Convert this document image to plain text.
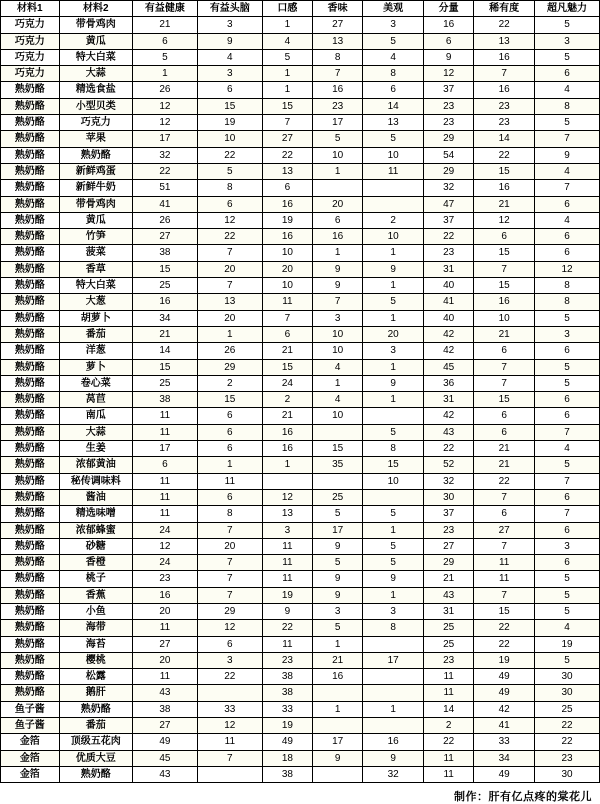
材料1	材料2	有益健康	有益头脑	口感	香味	美观	分量	稀有度	超凡魅力
巧克力	带骨鸡肉	21	3	1	27	3	16	22	5
巧克力	黄瓜	6	9	4	13	5	6	13	3
巧克力	特大白菜	5	4	5	8	4	9	16	5
巧克力	大蒜	1	3	1	7	8	12	7	6
熟奶酪	精选食盐	26	6	1	16	6	37	16	4
熟奶酪	小型贝类	12	15	15	23	14	23	23	8
熟奶酪	巧克力	12	19	7	17	13	23	23	5
熟奶酪	苹果	17	10	27	5	5	29	14	7
熟奶酪	熟奶酪	32	22	22	10	10	54	22	9
熟奶酪	新鲜鸡蛋	22	5	13	1	11	29	15	4
熟奶酪	新鲜牛奶	51	8	6			32	16	7
熟奶酪	带骨鸡肉	41	6	16	20		47	21	6
熟奶酪	黄瓜	26	12	19	6	2	37	12	4
熟奶酪	竹笋	27	22	16	16	10	22	6	6
熟奶酪	菠菜	38	7	10	1	1	23	15	6
熟奶酪	香草	15	20	20	9	9	31	7	12
熟奶酪	特大白菜	25	7	10	9	1	40	15	8
熟奶酪	大葱	16	13	11	7	5	41	16	8
熟奶酪	胡萝卜	34	20	7	3	1	40	10	5
熟奶酪	番茄	21	1	6	10	20	42	21	3
熟奶酪	洋葱	14	26	21	10	3	42	6	6
熟奶酪	萝卜	15	29	15	4	1	45	7	5
熟奶酪	卷心菜	25	2	24	1	9	36	7	5
熟奶酪	莴苣	38	15	2	4	1	31	15	6
熟奶酪	南瓜	11	6	21	10		42	6	6
熟奶酪	大蒜	11	6	16		5	43	6	7
熟奶酪	生姜	17	6	16	15	8	22	21	4
熟奶酪	浓郁黄油	6	1	1	35	15	52	21	5
熟奶酪	秘传调味料	11	11			10	32	22	7
熟奶酪	酱油	11	6	12	25		30	7	6
熟奶酪	精选味噌	11	8	13	5	5	37	6	7
熟奶酪	浓郁蜂蜜	24	7	3	17	1	23	27	6
熟奶酪	砂糖	12	20	11	9	5	27	7	3
熟奶酪	香橙	24	7	11	5	5	29	11	6
熟奶酪	桃子	23	7	11	9	9	21	11	5
熟奶酪	香蕉	16	7	19	9	1	43	7	5
熟奶酪	小鱼	20	29	9	3	3	31	15	5
熟奶酪	海带	11	12	22	5	8	25	22	4
熟奶酪	海苔	27	6	11	1		25	22	19
熟奶酪	樱桃	20	3	23	21	17	23	19	5
熟奶酪	松露	11	22	38	16		11	49	30
熟奶酪	鹅肝	43		38			11	49	30
鱼子酱	熟奶酪	38	33	33	1	1	14	42	25
鱼子酱	番茄	27	12	19			2	41	22
金箔	顶级五花肉	49	11	49	17	16	22	33	22
金箔	优质大豆	45	7	18	9	9	11	34	23
金箔	熟奶酪	43		38		32	11	49	30
制作：肝有亿点疼的棠花儿
